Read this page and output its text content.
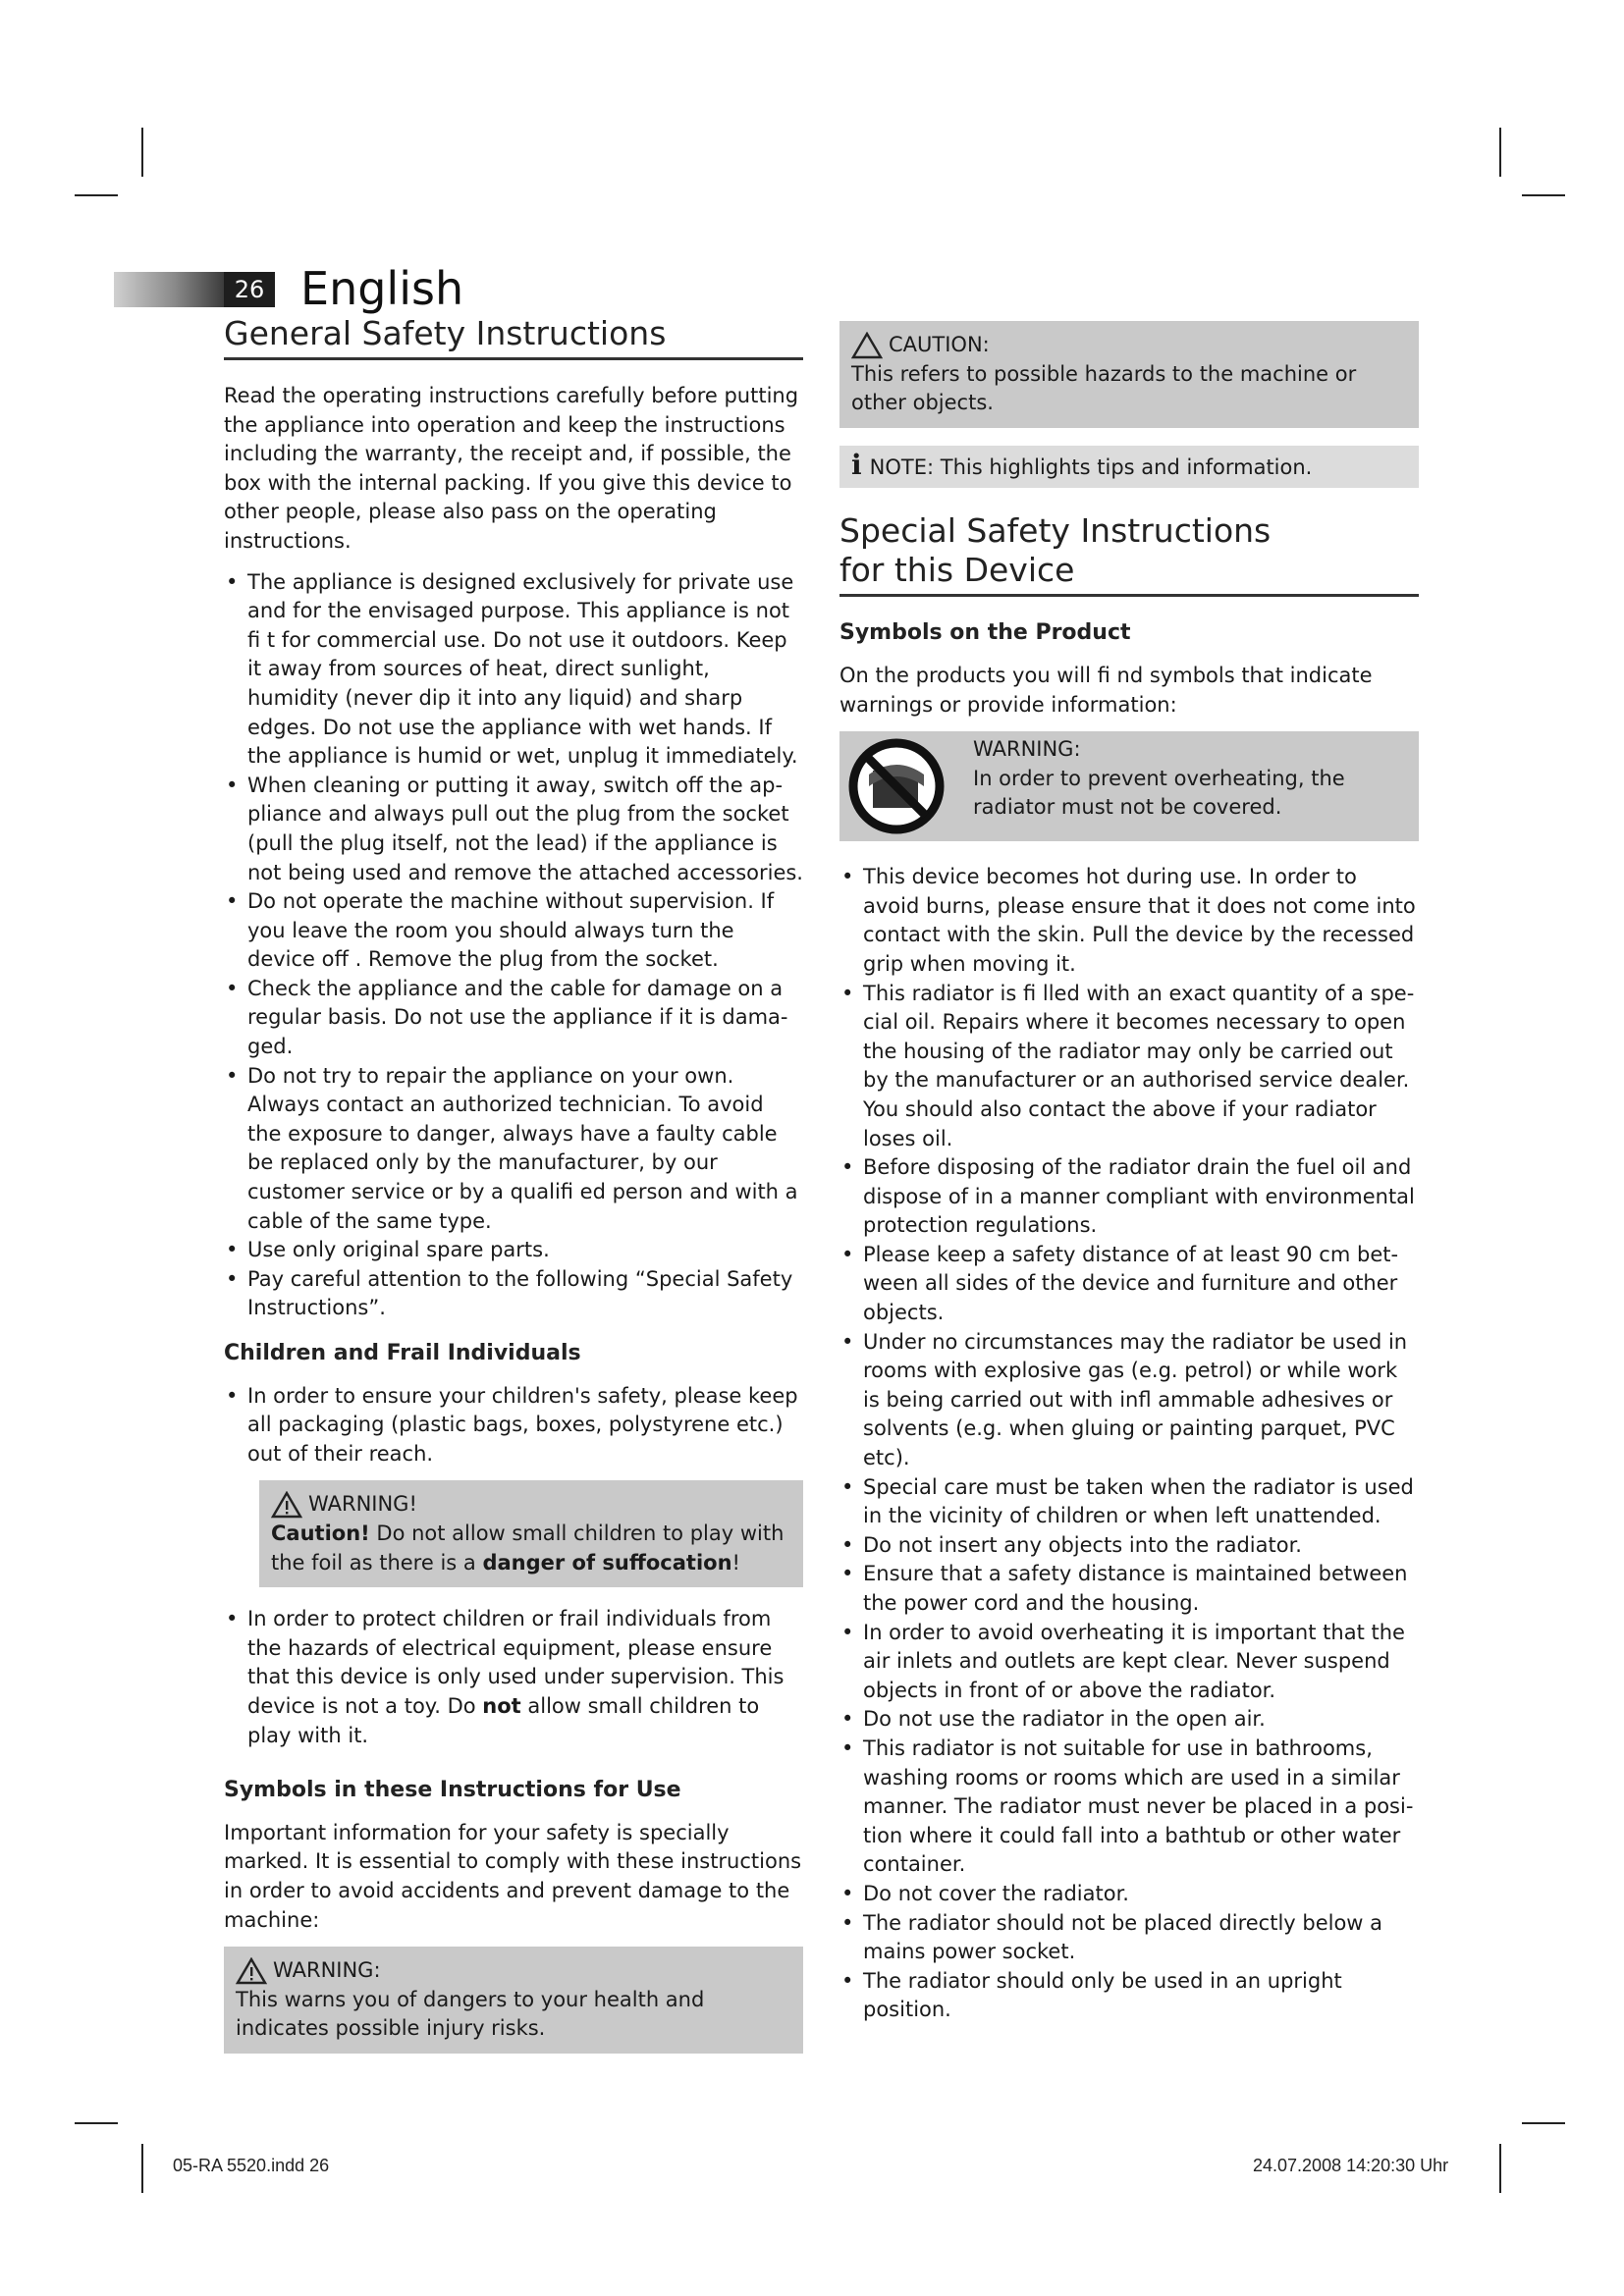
26 English
General Safety Instructions

Read the operating instructions carefully before putting the appliance into operation and keep the instructions including the warranty, the receipt and, if possible, the box with the internal packing. If you give this device to other people, please also pass on the operating instructions.

• The appliance is designed exclusively for private use and for the envisaged purpose. This appliance is not fi t for commercial use. Do not use it outdoors. Keep it away from sources of heat, direct sunlight, humidity (never dip it into any liquid) and sharp edges. Do not use the appliance with wet hands. If the appliance is humid or wet, unplug it immediately.
• When cleaning or putting it away, switch off the ap-pliance and always pull out the plug from the socket (pull the plug itself, not the lead) if the appliance is not being used and remove the attached accessories.
• Do not operate the machine without supervision. If you leave the room you should always turn the device off . Remove the plug from the socket.
• Check the appliance and the cable for damage on a regular basis. Do not use the appliance if it is dama-ged.
• Do not try to repair the appliance on your own. Always contact an authorized technician. To avoid the exposure to danger, always have a faulty cable be replaced only by the manufacturer, by our customer service or by a qualifi ed person and with a cable of the same type.
• Use only original spare parts.
• Pay careful attention to the following “Special Safety Instructions”.
Children and Frail Individuals
• In order to ensure your children's safety, please keep all packaging (plastic bags, boxes, polystyrene etc.) out of their reach.
WARNING!
Caution! Do not allow small children to play with the foil as there is a danger of suffocation!
• In order to protect children or frail individuals from the hazards of electrical equipment, please ensure that this device is only used under supervision. This device is not a toy. Do not allow small children to play with it.
Symbols in these Instructions for Use

Important information for your safety is specially marked. It is essential to comply with these instructions in order to avoid accidents and prevent damage to the machine:

WARNING:
This warns you of dangers to your health and indicates possible injury risks.
CAUTION:
This refers to possible hazards to the machine or other objects.
i NOTE: This highlights tips and information.
Special Safety Instructions
for this Device
Symbols on the Product

On the products you will fi nd symbols that indicate warnings or provide information:

WARNING:
In order to prevent overheating, the radiator must not be covered.
• This device becomes hot during use. In order to avoid burns, please ensure that it does not come into contact with the skin. Pull the device by the recessed grip when moving it.
• This radiator is fi lled with an exact quantity of a spe-cial oil. Repairs where it becomes necessary to open the housing of the radiator may only be carried out by the manufacturer or an authorised service dealer. You should also contact the above if your radiator loses oil.
• Before disposing of the radiator drain the fuel oil and dispose of in a manner compliant with environmental protection regulations.
• Please keep a safety distance of at least 90 cm bet-ween all sides of the device and furniture and other objects.
• Under no circumstances may the radiator be used in rooms with explosive gas (e.g. petrol) or while work is being carried out with infl ammable adhesives or solvents (e.g. when gluing or painting parquet, PVC etc).
• Special care must be taken when the radiator is used in the vicinity of children or when left unattended.
• Do not insert any objects into the radiator.
• Ensure that a safety distance is maintained between the power cord and the housing.
• In order to avoid overheating it is important that the air inlets and outlets are kept clear. Never suspend objects in front of or above the radiator.
• Do not use the radiator in the open air.
• This radiator is not suitable for use in bathrooms, washing rooms or rooms which are used in a similar manner. The radiator must never be placed in a posi-tion where it could fall into a bathtub or other water container.
• Do not cover the radiator.
• The radiator should not be placed directly below a mains power socket.
• The radiator should only be used in an upright position.
05-RA 5520.indd 26	24.07.2008 14:20:30 Uhr
